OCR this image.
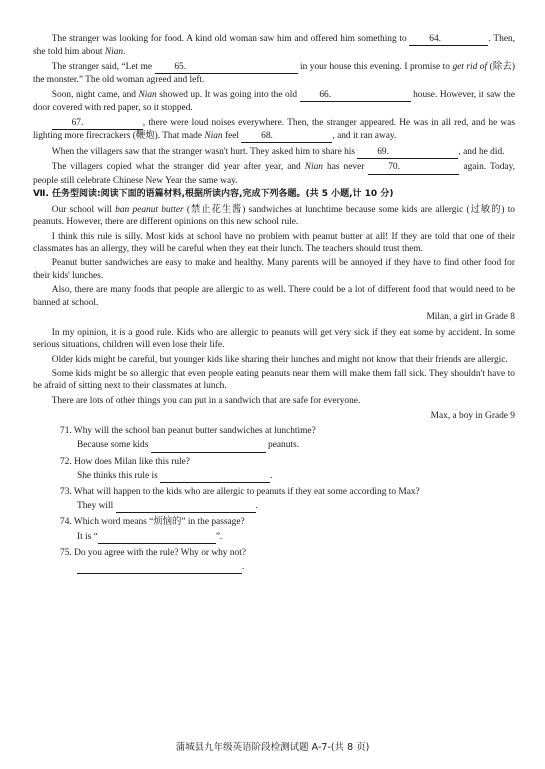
The stranger was looking for food. A kind old woman saw him and offered him something to 64.	. Then, she told him about Nian.

The stranger said, “Let me 65.	in your house this evening. I promise to get rid of (除去) the monster.” The old woman agreed and left.

Soon, night came, and Nian showed up. It was going into the old 66.	house. However, it saw the door covered with red paper, so it stopped.

67.	, there were loud noises everywhere. Then, the stranger appeared. He was in all red, and he was lighting more firecrackers (鞭炮). That made Nian feel 68.	, and it ran away.

When the villagers saw that the stranger wasn't hurt. They asked him to share his 69.	, and he did.

The villagers copied what the stranger did year after year, and Nian has never	70.	again. Today, people still celebrate Chinese New Year the same way.

Ⅶ. 任务型阅读:阅读下面的语篇材料,根据所读内容,完成下列各题。(共 5 小题,计 10 分)

Our school will ban peanut butter (禁止花生酱) sandwiches at lunchtime because some kids are allergic (过敏的) to peanuts. However, there are different opinions on this new school rule.

I think this rule is silly. Most kids at school have no problem with peanut butter at all! If they are told that one of their classmates has an allergy, they will be careful when they eat their lunch. The teachers should trust them.

Peanut butter sandwiches are easy to make and healthy. Many parents will be annoyed if they have to find other food for their kids' lunches.

Also, there are many foods that people are allergic to as well. There could be a lot of different food that would need to be banned at school.

Milan, a girl in Grade 8

In my opinion, it is a good rule. Kids who are allergic to peanuts will get very sick if they eat some by accident. In some serious situations, children will even lose their life.

Older kids might be careful, but younger kids like sharing their lunches and might not know that their friends are allergic.

Some kids might be so allergic that even people eating peanuts near them will make them fall sick. They shouldn't have to be afraid of sitting next to their classmates at lunch.

There are lots of other things you can put in a sandwich that are safe for everyone.

Max, a boy in Grade 9

71. Why will the school ban peanut butter sandwiches at lunchtime?

Because some kids	peanuts.

72. How does Milan like this rule?

She thinks this rule is	.

73. What will happen to the kids who are allergic to peanuts if they eat some according to Max?

They will	.

74. Which word means “烦恼的” in the passage?

It is “	”.

75. Do you agree with the rule? Why or why not?

.

蒲城县九年级英语阶段检测试题 A-7-(共 8 页)
